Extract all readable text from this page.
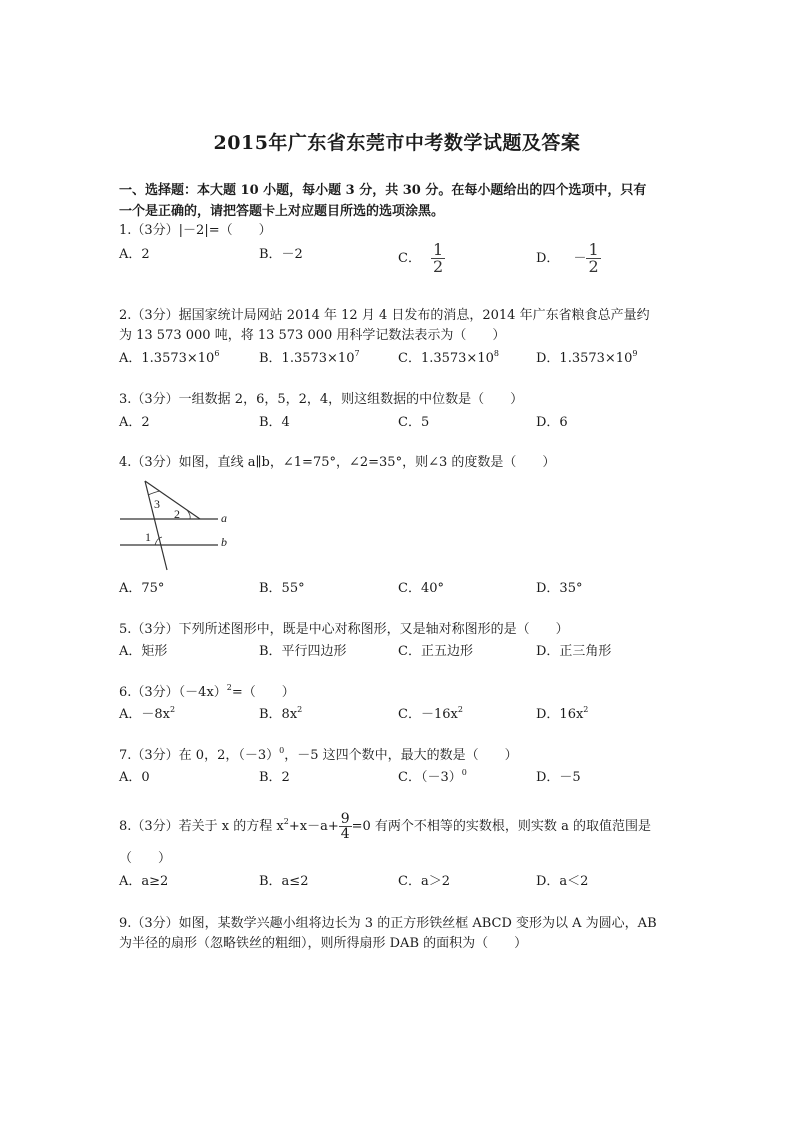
2015年广东省东莞市中考数学试题及答案
一、选择题：本大题 10 小题，每小题 3 分，共 30 分。在每小题给出的四个选项中，只有
一个是正确的，请把答题卡上对应题目所选的选项涂黑。
1.（3分）|－2|=（　　）
A．2	B．－2	C． $\frac{1}{2}$	D． － $\frac{1}{2}$
2.（3分）据国家统计局网站 2014 年 12 月 4 日发布的消息，2014 年广东省粮食总产量约
为 13 573 000 吨，将 13 573 000 用科学记数法表示为（　　）
A．$1.3573\times 10^6$	B．$1.3573\times 10^7$	C．$1.3573\times 10^8$	D．$1.3573\times 10^9$
3.（3分）一组数据 2，6，5，2，4，则这组数据的中位数是（　　）
A．2	B．4	C．5	D．6
4.（3分）如图，直线 a∥b，∠1=75°，∠2=35°，则∠3 的度数是（　　）
3
2
1
a
b
A．75°	B．55°	C．40°	D．35°
5.（3分）下列所述图形中，既是中心对称图形，又是轴对称图形的是（　　）
A．矩形	B．平行四边形	C．正五边形	D．正三角形
6.（3分）$(-4x)^2=$（　　）
A．$-8x^2$	B．$8x^2$	C．$-16x^2$	D．$16x^2$
7.（3分）在 0，2，$(-3)^0$，－5 这四个数中，最大的数是（　　）
A．0	B．2	C．$(-3)^0$	D．－5
8.（3分）若关于 x 的方程 $x^2+x-a+ \frac{9}{4} =0$ 有两个不相等的实数根，则实数 a 的取值范围是
（　　）
A．a≥2	B．a≤2	C．a＞2	D．a＜2
9.（3分）如图，某数学兴趣小组将边长为 3 的正方形铁丝框 ABCD 变形为以 A 为圆心，AB
为半径的扇形（忽略铁丝的粗细），则所得扇形 DAB 的面积为（　　）
